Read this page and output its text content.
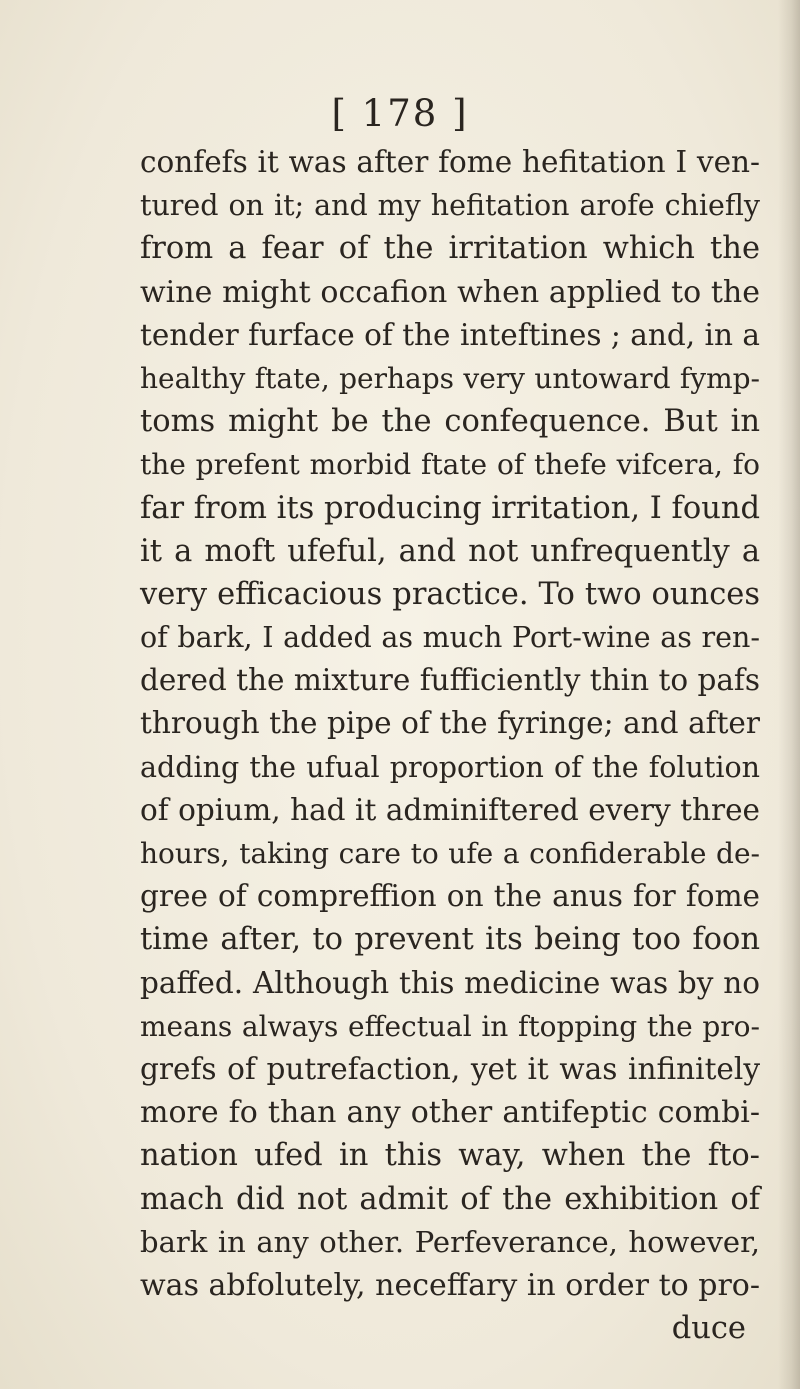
[ 178 ]
confefs it was after fome hefitation I ven-
tured on it; and my hefitation arofe chiefly
from a fear of the irritation which the
wine might occafion when applied to the
tender furface of the inteftines ; and, in a
healthy ftate, perhaps very untoward fymp-
toms might be the confequence. But in
the prefent morbid ftate of thefe vifcera, fo
far from its producing irritation, I found
it a moft ufeful, and not unfrequently a
very efficacious practice. To two ounces
of bark, I added as much Port-wine as ren-
dered the mixture fufficiently thin to pafs
through the pipe of the fyringe; and after
adding the ufual proportion of the folution
of opium, had it adminiftered every three
hours, taking care to ufe a confiderable de-
gree of compreffion on the anus for fome
time after, to prevent its being too foon
paffed. Although this medicine was by no
means always effectual in ftopping the pro-
grefs of putrefaction, yet it was infinitely
more fo than any other antifeptic combi-
nation ufed in this way, when the fto-
mach did not admit of the exhibition of
bark in any other. Perfeverance, however,
was abfolutely, neceffary in order to pro-
duce
